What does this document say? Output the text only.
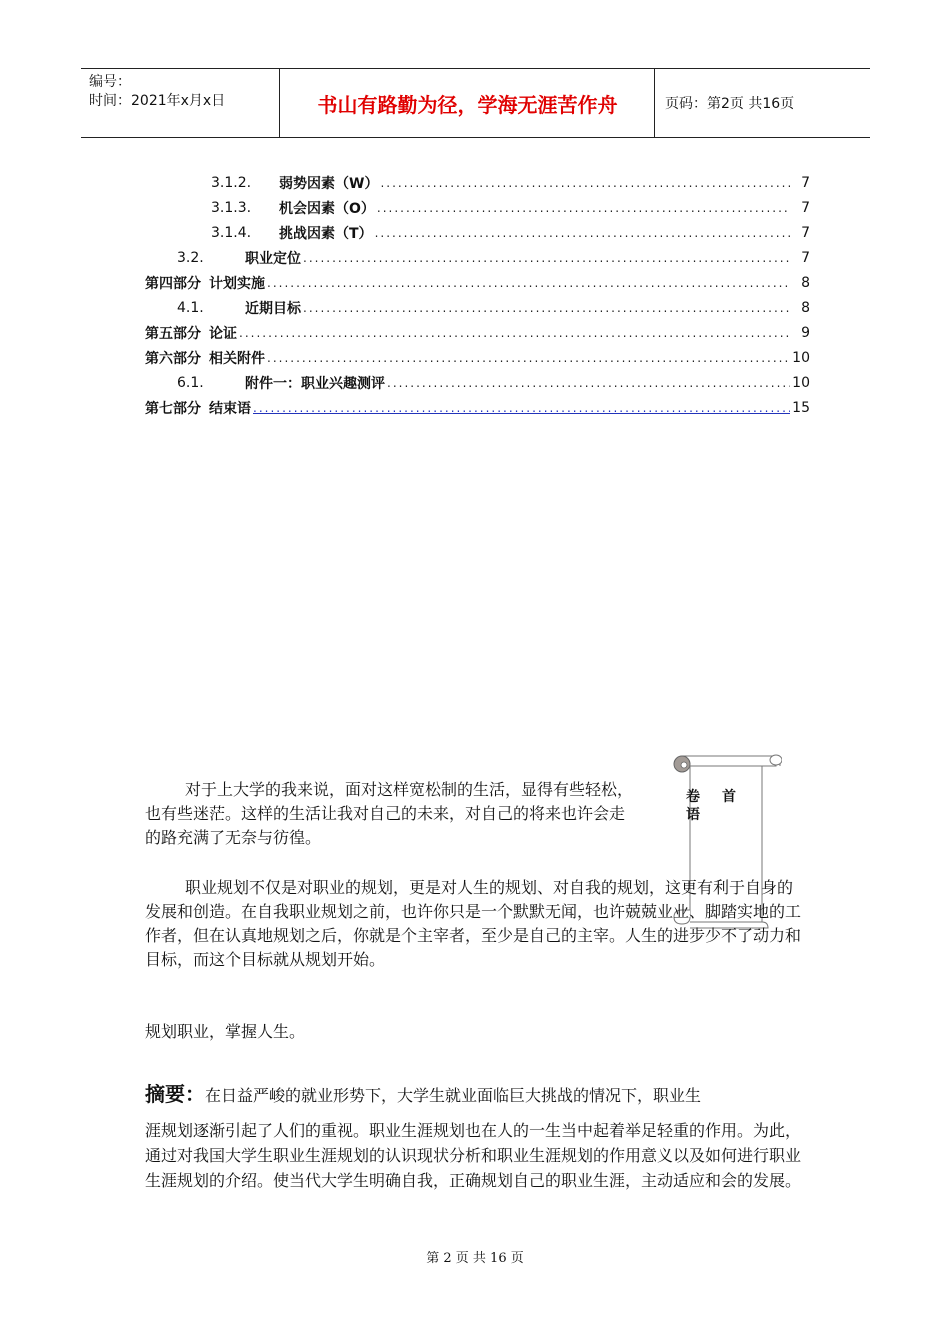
编号：
时间：2021年x月x日	书山有路勤为径，学海无涯苦作舟	页码：第2页 共16页
3.1.2.	弱势因素（W） .....	7
3.1.3.	机会因素（O） .....	7
3.1.4.	挑战因素（T） .....	7
3.2.	职业定位 .....	7
第四部分 计划实施 .....	8
4.1.	近期目标 .....	8
第五部分 论证 .....	9
第六部分 相关附件 .....	10
6.1.	附件一：职业兴趣测评 .....	10
第七部分 结束语 .....	15
卷 首
语
对于上大学的我来说，面对这样宽松制的生活，显得有些轻松，也有些迷茫。这样的生活让我对自己的未来，对自己的将来也许会走的路充满了无奈与彷徨。
职业规划不仅是对职业的规划，更是对人生的规划、对自我的规划，这更有利于自身的发展和创造。在自我职业规划之前，也许你只是一个默默无闻，也许兢兢业业、脚踏实地的工作者，但在认真地规划之后，你就是个主宰者，至少是自己的主宰。人生的进步少不了动力和目标，而这个目标就从规划开始。
规划职业，掌握人生。
摘要：在日益严峻的就业形势下，大学生就业面临巨大挑战的情况下，职业生
涯规划逐渐引起了人们的重视。职业生涯规划也在人的一生当中起着举足轻重的作用。为此，通过对我国大学生职业生涯规划的认识现状分析和职业生涯规划的作用意义以及如何进行职业生涯规划的介绍。使当代大学生明确自我，正确规划自己的职业生涯，主动适应和会的发展。
第 2 页 共 16 页
